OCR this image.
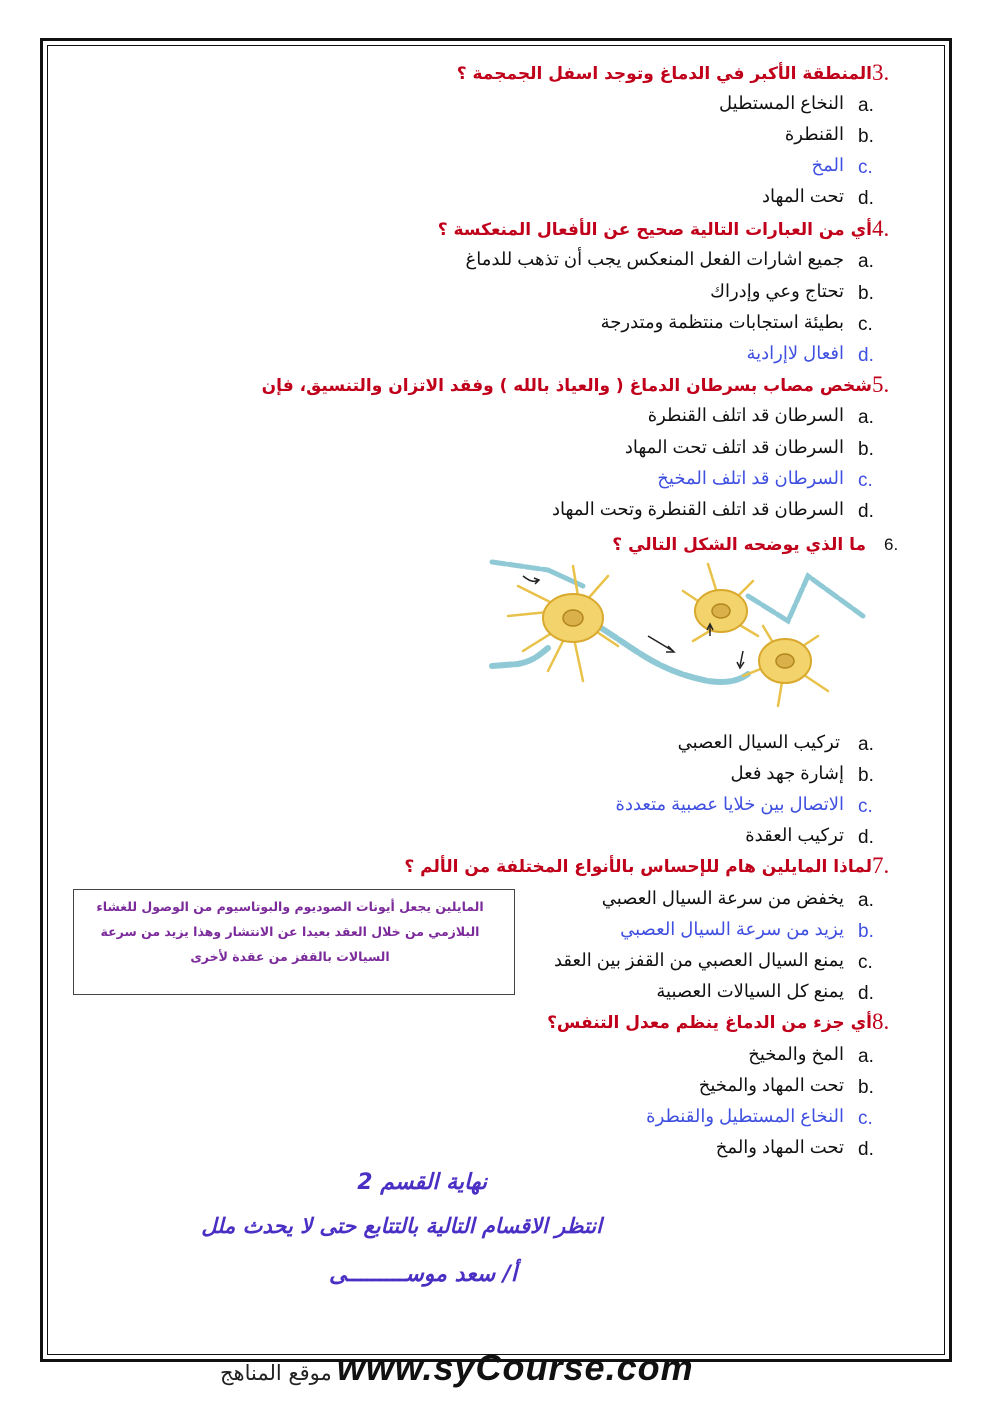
3.
المنطقة الأكبر في الدماغ وتوجد اسفل الجمجمة ؟
a.
النخاع المستطيل
b.
القنطرة
c.
المخ
d.
تحت المهاد
4.
أي من العبارات التالية صحيح عن الأفعال المنعكسة ؟
a.
جميع اشارات الفعل المنعكس يجب أن تذهب للدماغ
b.
تحتاج وعي وإدراك
c.
بطيئة استجابات منتظمة ومتدرجة
d.
افعال لاإرادية
5.
شخص مصاب بسرطان الدماغ ( والعياذ بالله ) وفقد الاتزان والتنسيق، فإن
a.
السرطان قد اتلف القنطرة
b.
السرطان قد اتلف تحت المهاد
c.
السرطان قد اتلف المخيخ
d.
السرطان قد اتلف القنطرة وتحت المهاد
6.
ما الذي يوضحه الشكل التالي ؟
a.
تركيب السيال العصبي
b.
إشارة جهد فعل
c.
الاتصال بين خلايا عصبية متعددة
d.
تركيب العقدة
7.
لماذا المايلين هام للإحساس بالأنواع المختلفة من الألم ؟
المايلين يجعل أيونات الصوديوم والبوتاسيوم من الوصول للغشاء البلازمي من خلال العقد بعيدا عن الانتشار وهذا يزيد من سرعة السيالات بالقفز من عقدة لأخرى
a.
يخفض من سرعة السيال العصبي
b.
يزيد من سرعة السيال العصبي
c.
يمنع السيال العصبي من القفز بين العقد
d.
يمنع كل السيالات العصبية
8.
أي جزء من الدماغ ينظم معدل التنفس؟
a.
المخ والمخيخ
b.
تحت المهاد والمخيخ
c.
النخاع المستطيل والقنطرة
d.
تحت المهاد والمخ
نهاية القسم 2
انتظر الاقسام التالية بالتتابع حتى لا يحدث ملل
أ/ سعد موســـــــــى
موقع المناهج www.syCourse.com
